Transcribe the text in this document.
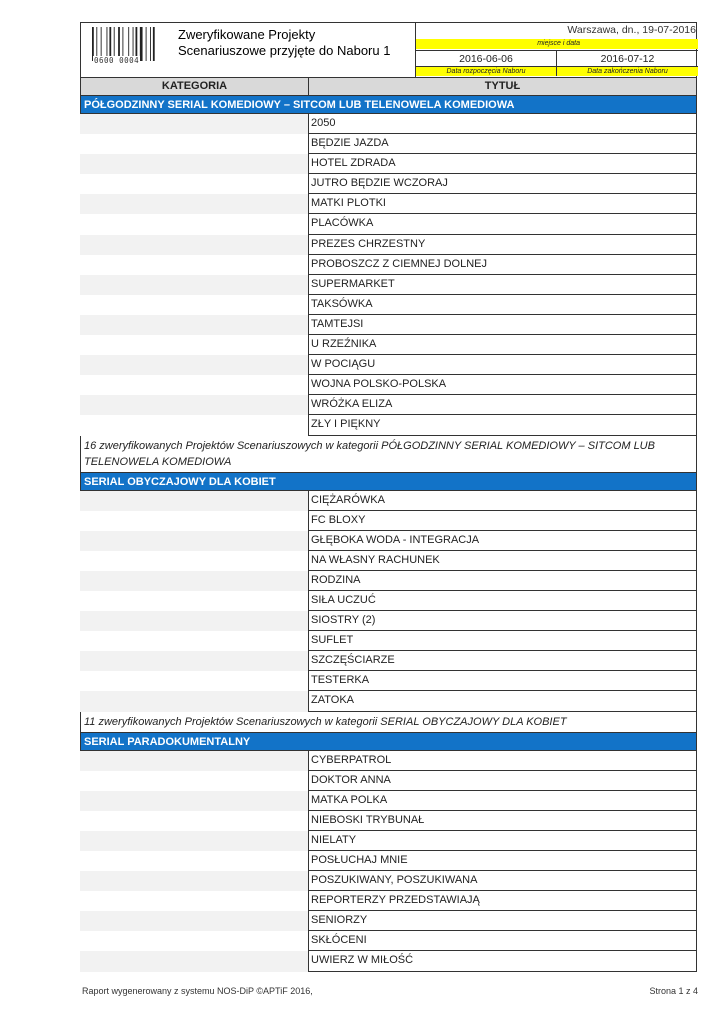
0600 0004
Zweryfikowane Projekty
Scenariuszowe przyjęte do Naboru 1
Warszawa, dn., 19-07-2016
miejsce i data
2016-06-06	2016-07-12
Data rozpoczęcia Naboru	Data zakończenia Naboru
KATEGORIA	TYTUŁ
PÓŁGODZINNY SERIAL KOMEDIOWY – SITCOM LUB TELENOWELA KOMEDIOWA
2050
BĘDZIE JAZDA
HOTEL ZDRADA
JUTRO BĘDZIE WCZORAJ
MATKI PLOTKI
PLACÓWKA
PREZES CHRZESTNY
PROBOSZCZ Z CIEMNEJ DOLNEJ
SUPERMARKET
TAKSÓWKA
TAMTEJSI
U RZEŹNIKA
W POCIĄGU
WOJNA POLSKO-POLSKA
WRÓŻKA ELIZA
ZŁY I PIĘKNY
16 zweryfikowanych Projektów Scenariuszowych w kategorii PÓŁGODZINNY SERIAL KOMEDIOWY – SITCOM LUB TELENOWELA KOMEDIOWA
SERIAL OBYCZAJOWY DLA KOBIET
CIĘŻARÓWKA
FC BLOXY
GŁĘBOKA WODA - INTEGRACJA
NA WŁASNY RACHUNEK
RODZINA
SIŁA UCZUĆ
SIOSTRY (2)
SUFLET
SZCZĘŚCIARZE
TESTERKA
ZATOKA
11 zweryfikowanych Projektów Scenariuszowych w kategorii SERIAL OBYCZAJOWY DLA KOBIET
SERIAL PARADOKUMENTALNY
CYBERPATROL
DOKTOR ANNA
MATKA POLKA
NIEBOSKI TRYBUNAŁ
NIELATY
POSŁUCHAJ MNIE
POSZUKIWANY, POSZUKIWANA
REPORTERZY PRZEDSTAWIAJĄ
SENIORZY
SKŁÓCENI
UWIERZ W MIŁOŚĆ
Raport wygenerowany z systemu NOS-DiP ©APTiF 2016,	Strona 1 z 4
